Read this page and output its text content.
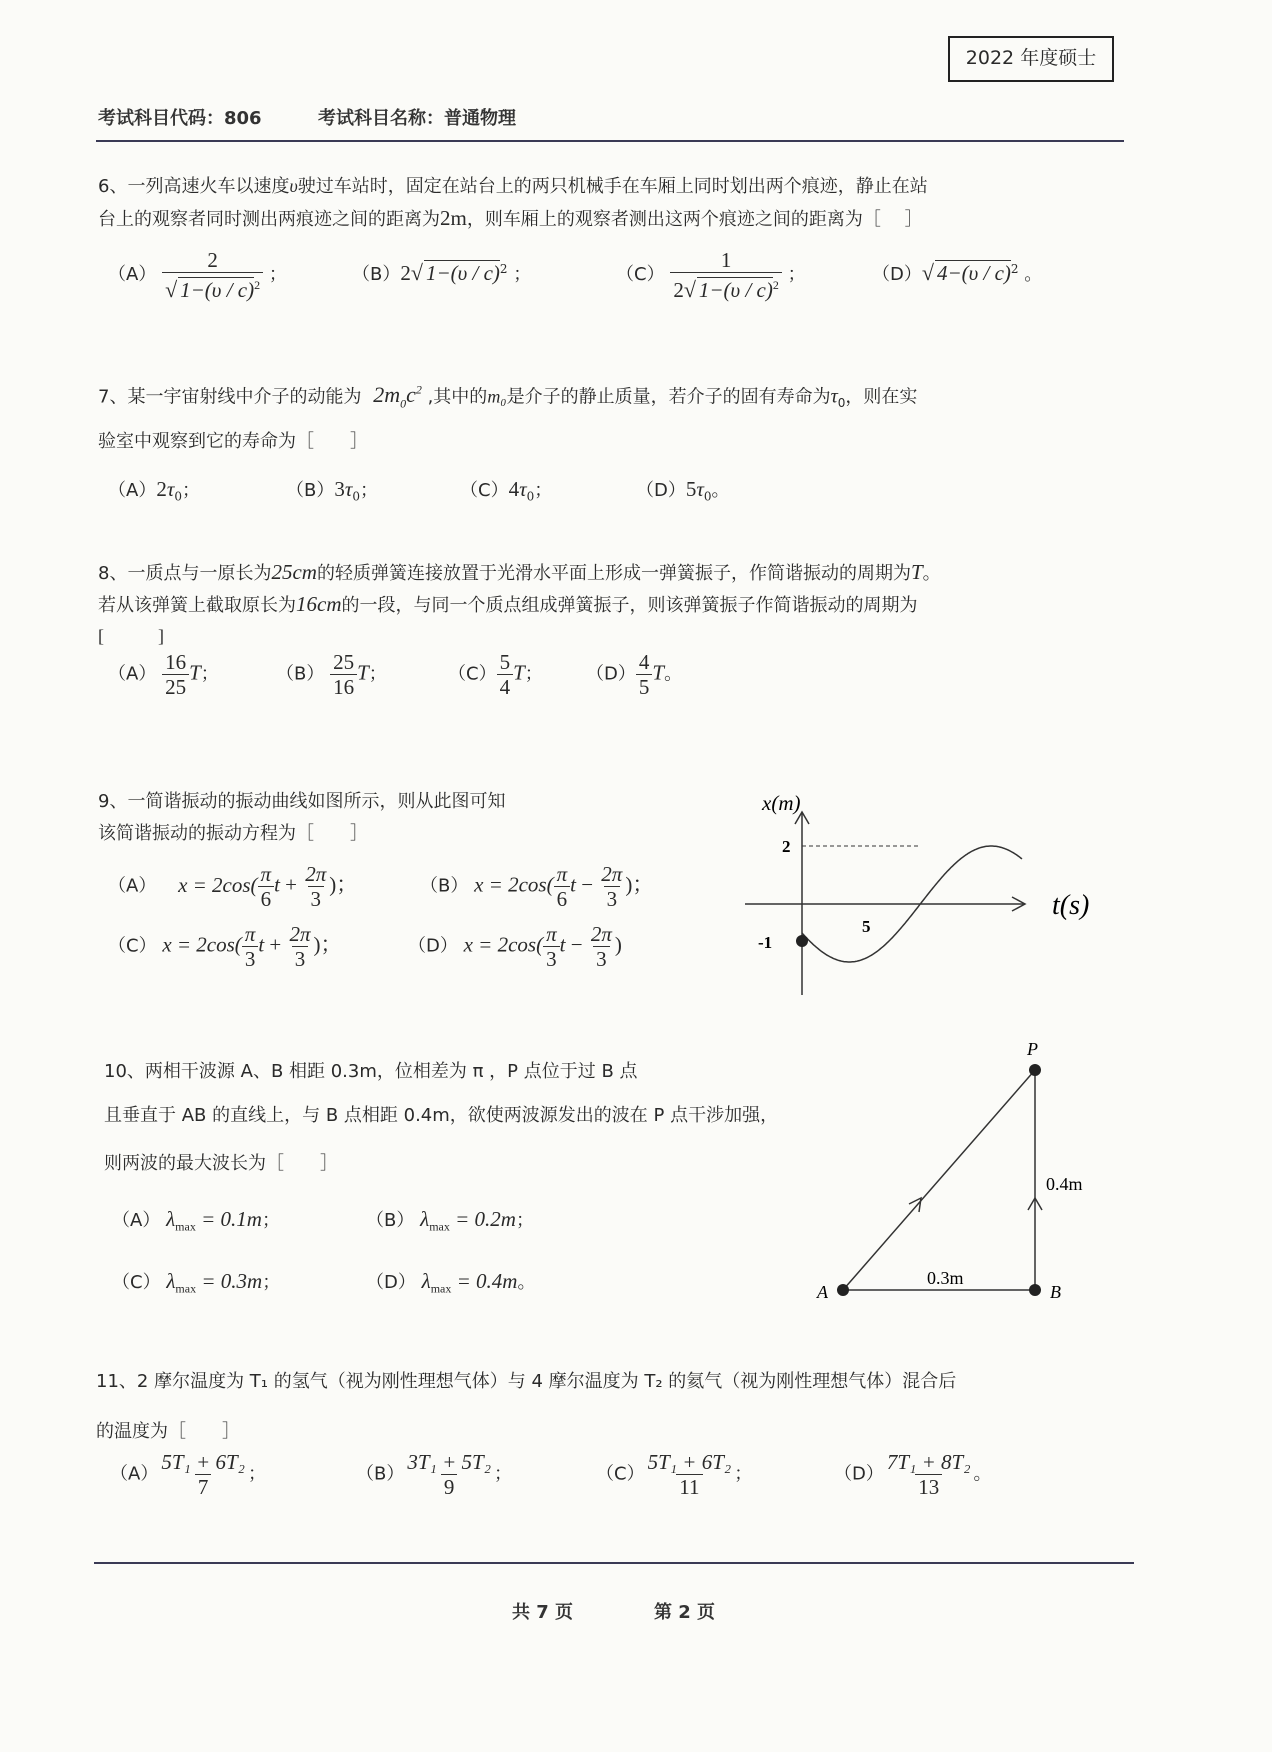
2022 年度硕士
考试科目代码：806	考试科目名称：普通物理
6、一列高速火车以速度υ驶过车站时，固定在站台上的两只机械手在车厢上同时划出两个痕迹，静止在站
台上的观察者同时测出两痕迹之间的距离为2m，则车厢上的观察者测出这两个痕迹之间的距离为［　 ］
$(A) \frac{2}{√ 1-(\upsilon / c)^2}$ ；	（B）2√ 1−(υ / c)$^2$ ；	$(C) \frac{1}{2√ 1-(\upsilon / c)^2}$ ；	（D）√ 4−(υ / c)$^2$ 。
7、某一宇宙射线中介子的动能为 $2m_0c^2$ ,其中的m₀是介子的静止质量，若介子的固有寿命为$\tau_0$，则在实
验室中观察到它的寿命为［　　］
$(A)2\tau_0$；	$(B)3\tau_0$；	$(C)4\tau_0$；	$(D)5\tau_0$。
8、一质点与一原长为25cm的轻质弹簧连接放置于光滑水平面上形成一弹簧振子，作简谐振动的周期为T。
若从该弹簧上截取原长为16cm的一段，与同一个质点组成弹簧振子，则该弹簧振子作简谐振动的周期为
[　　　]
$(A) \frac{16}{25}$ T；	$(B) \frac{25}{16}$ T；	$(C) \frac{5}{4}$ T； $(D) \frac{4}{5}$ T。
9、一简谐振动的振动曲线如图所示，则从此图可知
该简谐振动的振动方程为［　　］
（A） $x = 2\cos( \frac{\pi}{6}$ $t + \frac{2\pi}{3}$ )；	（B） $x = 2\cos( \frac{\pi}{6}$ $t - \frac{2\pi}{3}$ )；
（C） $x = 2\cos( \frac{\pi}{3}$ $t + \frac{2\pi}{3}$ )；	（D） $x = 2\cos( \frac{\pi}{3}$ $t - \frac{2\pi}{3}$ )
x(m)
2
-1
5
t(s)
10、两相干波源 A、B 相距 0.3m，位相差为 π ，P 点位于过 B 点
且垂直于 AB 的直线上，与 B 点相距 0.4m，欲使两波源发出的波在 P 点干涉加强，
则两波的最大波长为［　　］
（A） $\lambda_{max} = 0.1m$；	（B） $\lambda_{max} = 0.2m$；
（C） $\lambda_{max} = 0.3m$；	（D） $\lambda_{max} = 0.4m$。	A	B
P
0.3m
0.4m
11、2 摩尔温度为 T₁ 的氢气（视为刚性理想气体）与 4 摩尔温度为 T₂ 的氦气（视为刚性理想气体）混合后
的温度为［　　］
$(A) \frac{\text{5T₁ + 6T₂}}{7}$ ；	$(B) \frac{\text{3T₁ + 5T₂}}{9}$ ；	$(C) \frac{\text{5T₁ + 6T₂}}{11}$ ；	$(D) \frac{\text{7T₁ + 8T₂}}{13}$ 。
共 7 页	第 2 页
